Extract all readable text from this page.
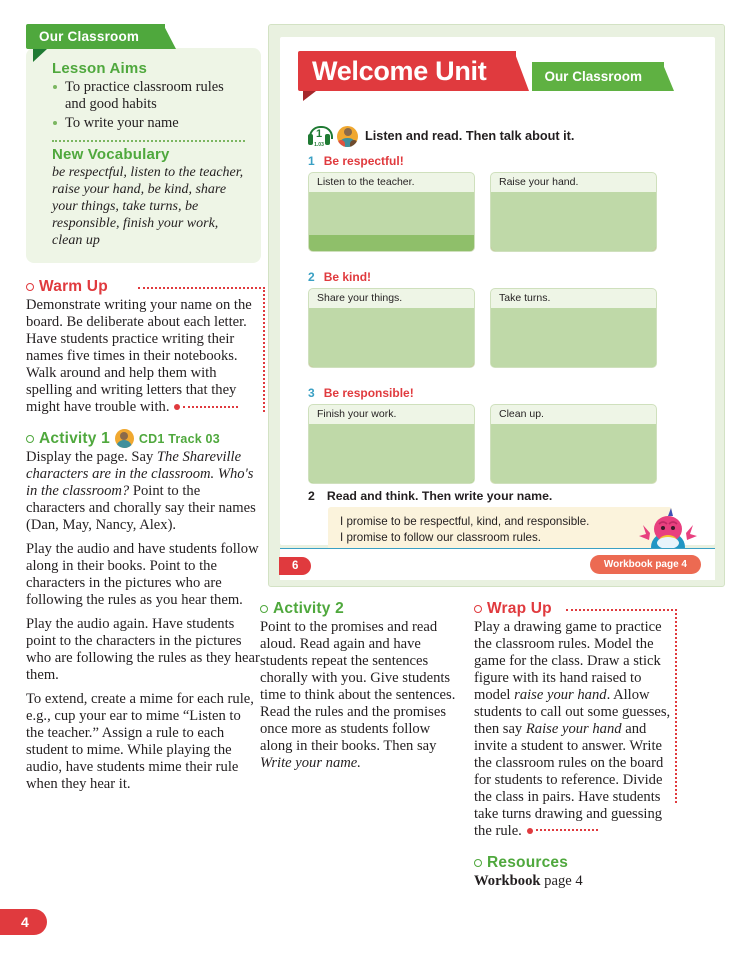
Our Classroom
Lesson Aims
To practice classroom rules and good habits
To write your name
New Vocabulary
be respectful, listen to the teacher, raise your hand, be kind, share your things, take turns, be responsible, finish your work, clean up
Warm Up

Demonstrate writing your name on the board. Be deliberate about each letter. Have students practice writing their names five times in their notebooks. Walk around and help them with spelling and writing letters that they might have trouble with.

Activity 1 CD1 Track 03

Display the page. Say The Shareville characters are in the classroom. Who's in the classroom? Point to the characters and chorally say their names (Dan, May, Nancy, Alex).

Play the audio and have students follow along in their books. Point to the characters in the pictures who are following the rules as you hear them.

Play the audio again. Have students point to the characters in the pictures who are following the rules as they hear them.

To extend, create a mime for each rule, e.g., cup your ear to mime “Listen to the teacher.” Assign a rule to each student to mime. While playing the audio, have students mime their rule when they hear it.

Welcome Unit	Our Classroom
1
1.03
Listen and read. Then talk about it.
1 Be respectful!
Listen to the teacher.	Raise your hand.
2 Be kind!
Share your things.	Take turns.
3 Be responsible!
Finish your work.	Clean up.
2 Read and think. Then write your name.
I promise to be respectful, kind, and responsible.
I promise to follow our classroom rules.
6	Workbook page 4
Activity 2

Point to the promises and read aloud. Read again and have students repeat the sentences chorally with you. Give students time to think about the sentences. Read the rules and the promises once more as students follow along in their books. Then say Write your name.

Wrap Up

Play a drawing game to practice the classroom rules. Model the game for the class. Draw a stick figure with its hand raised to model raise your hand. Allow students to call out some guesses, then say Raise your hand and invite a student to answer. Write the classroom rules on the board for students to reference. Divide the class in pairs. Have students take turns drawing and guessing the rule.

Resources

Workbook page 4

4
